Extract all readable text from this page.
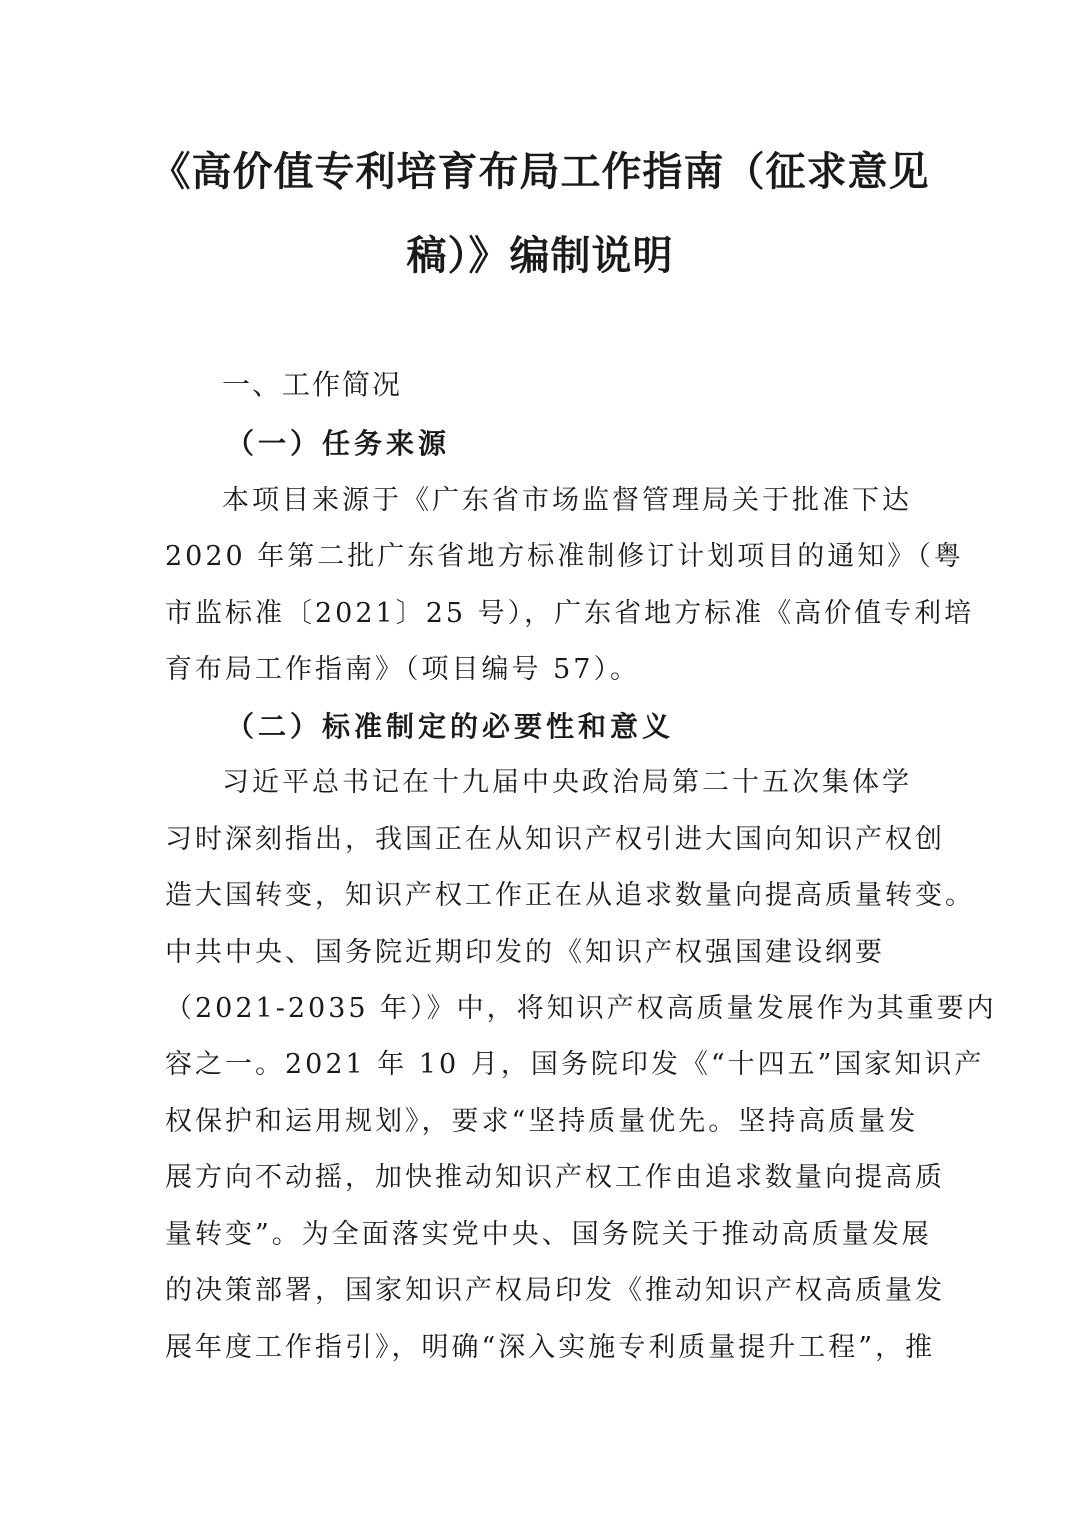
《高价值专利培育布局工作指南（征求意见
稿）》编制说明
一、工作简况
（一）任务来源
本项目来源于《广东省市场监督管理局关于批准下达
2020 年第二批广东省地方标准制修订计划项目的通知》（粤
市监标准〔2021〕25 号），广东省地方标准《高价值专利培
育布局工作指南》（项目编号 57）。
（二）标准制定的必要性和意义
习近平总书记在十九届中央政治局第二十五次集体学
习时深刻指出，我国正在从知识产权引进大国向知识产权创
造大国转变，知识产权工作正在从追求数量向提高质量转变。
中共中央、国务院近期印发的《知识产权强国建设纲要
（2021-2035 年）》中，将知识产权高质量发展作为其重要内
容之一。2021 年 10 月，国务院印发《“十四五”国家知识产
权保护和运用规划》，要求“坚持质量优先。坚持高质量发
展方向不动摇，加快推动知识产权工作由追求数量向提高质
量转变”。为全面落实党中央、国务院关于推动高质量发展
的决策部署，国家知识产权局印发《推动知识产权高质量发
展年度工作指引》，明确“深入实施专利质量提升工程”，推
